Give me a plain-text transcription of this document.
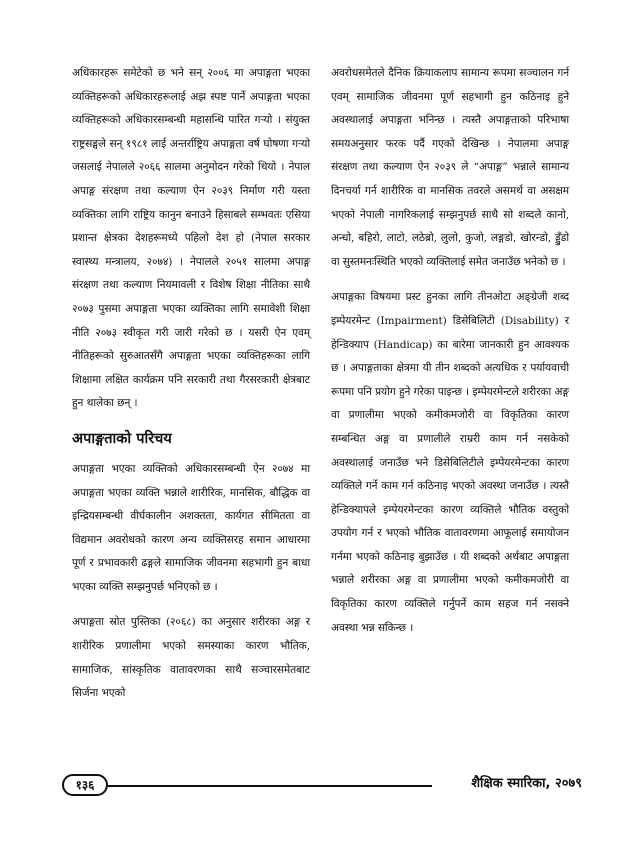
अधिकारहरू समेटेको छ भने सन् २००६ मा अपाङ्गता भएका व्यक्तिहरूको अधिकारहरूलाई अझ स्पष्ट पार्ने अपाङ्गता भएका व्यक्तिहरूको अधिकारसम्बन्धी महासन्धि पारित गऱ्यो । संयुक्त राष्ट्रसङ्घले सन् १९८१ लाई अन्तर्राष्ट्रिय अपाङ्गता वर्ष घोषणा गऱ्यो जसलाई नेपालले २०६६ सालमा अनुमोदन गरेको थियो । नेपाल अपाङ्ग संरक्षण तथा कल्याण ऐन २०३९ निर्माण गरी यस्ता व्यक्तिका लागि राष्ट्रिय कानुन बनाउने हिसाबले सम्भवतः एसिया प्रशान्त क्षेत्रका देशहरूमध्ये पहिलो देश हो (नेपाल सरकार स्वास्थ्य मन्त्रालय, २०७४) । नेपालले २०५१ सालमा अपाङ्ग संरक्षण तथा कल्याण नियमावली र विशेष शिक्षा नीतिका साथै २०७३ पुसमा अपाङ्गता भएका व्यक्तिका लागि समावेशी शिक्षा नीति २०७३ स्वीकृत गरी जारी गरेको छ । यसरी ऐन एवम् नीतिहरूको सुरुआतसँगै अपाङ्गता भएका व्यक्तिहरूका लागि शिक्षामा लक्षित कार्यक्रम पनि सरकारी तथा गैरसरकारी क्षेत्रबाट हुन थालेका छन् ।

अपाङ्गताको परिचय

अपाङ्गता भएका व्यक्तिको अधिकारसम्बन्धी ऐन २०७४ मा अपाङ्गता भएका व्यक्ति भन्नाले शारीरिक, मानसिक, बौद्धिक वा इन्द्रियसम्बन्धी वीर्घकालीन अशक्तता, कार्यगत सीमितता वा विद्यमान अवरोधको कारण अन्य व्यक्तिसरह समान आधारमा पूर्ण र प्रभावकारी ढङ्गले सामाजिक जीवनमा सहभागी हुन बाधा भएका व्यक्ति सम्झनुपर्छ भनिएको छ ।

अपाङ्गता स्रोत पुस्तिका (२०६८) का अनुसार शरीरका अङ्ग र शारीरिक प्रणालीमा भएको समस्याका कारण भौतिक, सामाजिक, सांस्कृतिक वातावरणका साथै सञ्चारसमेतबाट सिर्जना भएको

अवरोधसमेतले दैनिक क्रियाकलाप सामान्य रूपमा सञ्चालन गर्न एवम् सामाजिक जीवनमा पूर्ण सहभागी हुन कठिनाइ हुने अवस्थालाई अपाङ्गता भनिन्छ । त्यस्तै अपाङ्गताको परिभाषा समयअनुसार फरक पर्दै गएको देखिन्छ । नेपालमा अपाङ्ग संरक्षण तथा कल्याण ऐन २०३९ ले “अपाङ्ग” भन्नाले सामान्य दिनचर्या गर्न शारीरिक वा मानसिक तवरले असमर्थ वा असक्षम भएको नेपाली नागरिकलाई सम्झनुपर्छ साथै सो शब्दले कानो, अन्धो, बहिरो, लाटो, लठेब्रो, लुलो, कुजो, लङ्गडो, खोरन्डो, ड्डुँडो वा सुस्तमनःस्थिति भएको व्यक्तिलाई समेत जनाउँछ भनेको छ ।

अपाङ्गका विषयमा प्रस्ट हुनका लागि तीनओटा अङ्ग्रेजी शब्द इम्पेयरमेन्ट (Impairment) डिसेबिलिटी (Disability) र हेन्डिक्याप (Handicap) का बारेमा जानकारी हुन आवश्यक छ । अपाङ्गताका क्षेत्रमा यी तीन शब्दको अत्यधिक र पर्यायवाची रूपमा पनि प्रयोग हुने गरेका पाइन्छ । इम्पेयरमेन्टले शरीरका अङ्ग वा प्रणालीमा भएको कमीकमजोरी वा विकृतिका कारण सम्बन्धित अङ्ग वा प्रणालीले राम्ररी काम गर्न नसकेको अवस्थालाई जनाउँछ भने डिसेबिलिटीले इम्पेयरमेन्टका कारण व्यक्तिले गर्ने काम गर्न कठिनाइ भएको अवस्था जनाउँछ । त्यस्तै हेन्डिक्यापले इम्पेयरमेन्टका कारण व्यक्तिले भौतिक वस्तुको उपयोग गर्न र भएको भौतिक वातावरणमा आफूलाई समायोजन गर्नमा भएको कठिनाइ बुझाउँछ । यी शब्दको अर्थबाट अपाङ्गता भन्नाले शरीरका अङ्ग वा प्रणालीमा भएको कमीकमजोरी वा विकृतिका कारण व्यक्तिले गर्नुपर्ने काम सहज गर्न नसक्ने अवस्था भन्न सकिन्छ ।

१३६	शैक्षिक स्मारिका, २०७९
